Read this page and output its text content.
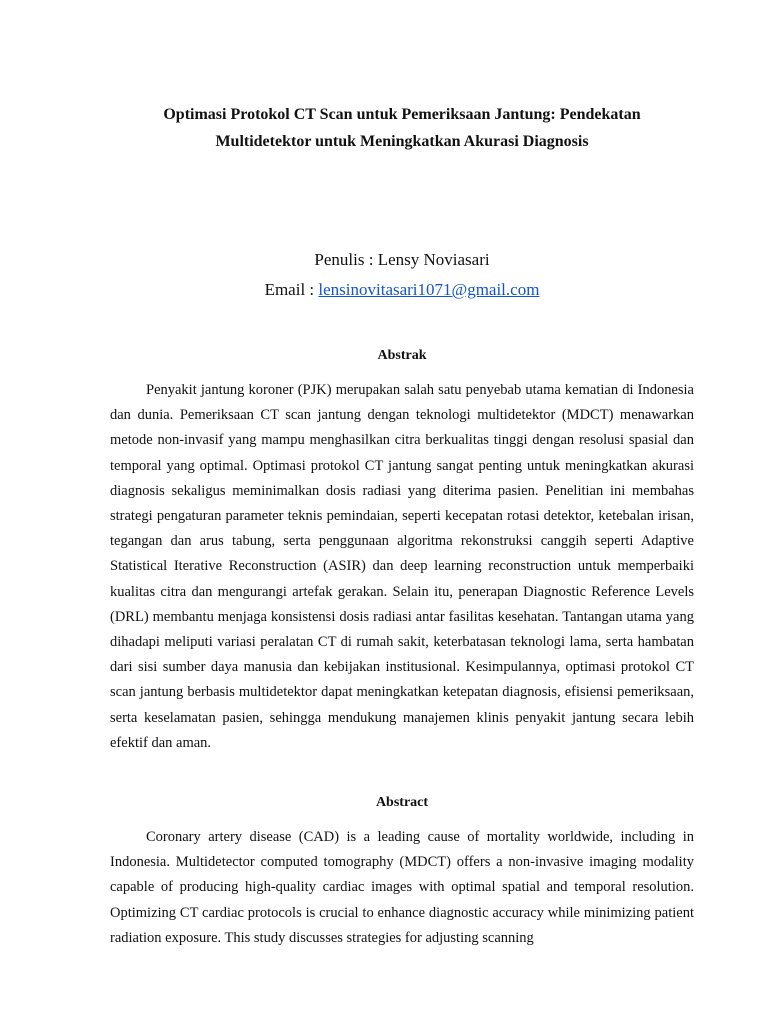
Optimasi Protokol CT Scan untuk Pemeriksaan Jantung: Pendekatan
Multidetektor untuk Meningkatkan Akurasi Diagnosis

Penulis : Lensy Noviasari

Email : lensinovitasari1071@gmail.com

Abstrak

Penyakit jantung koroner (PJK) merupakan salah satu penyebab utama kematian di Indonesia dan dunia. Pemeriksaan CT scan jantung dengan teknologi multidetektor (MDCT) menawarkan metode non-invasif yang mampu menghasilkan citra berkualitas tinggi dengan resolusi spasial dan temporal yang optimal. Optimasi protokol CT jantung sangat penting untuk meningkatkan akurasi diagnosis sekaligus meminimalkan dosis radiasi yang diterima pasien. Penelitian ini membahas strategi pengaturan parameter teknis pemindaian, seperti kecepatan rotasi detektor, ketebalan irisan, tegangan dan arus tabung, serta penggunaan algoritma rekonstruksi canggih seperti Adaptive Statistical Iterative Reconstruction (ASIR) dan deep learning reconstruction untuk memperbaiki kualitas citra dan mengurangi artefak gerakan. Selain itu, penerapan Diagnostic Reference Levels (DRL) membantu menjaga konsistensi dosis radiasi antar fasilitas kesehatan. Tantangan utama yang dihadapi meliputi variasi peralatan CT di rumah sakit, keterbatasan teknologi lama, serta hambatan dari sisi sumber daya manusia dan kebijakan institusional. Kesimpulannya, optimasi protokol CT scan jantung berbasis multidetektor dapat meningkatkan ketepatan diagnosis, efisiensi pemeriksaan, serta keselamatan pasien, sehingga mendukung manajemen klinis penyakit jantung secara lebih efektif dan aman.

Abstract

Coronary artery disease (CAD) is a leading cause of mortality worldwide, including in Indonesia. Multidetector computed tomography (MDCT) offers a non-invasive imaging modality capable of producing high-quality cardiac images with optimal spatial and temporal resolution. Optimizing CT cardiac protocols is crucial to enhance diagnostic accuracy while minimizing patient radiation exposure. This study discusses strategies for adjusting scanning
